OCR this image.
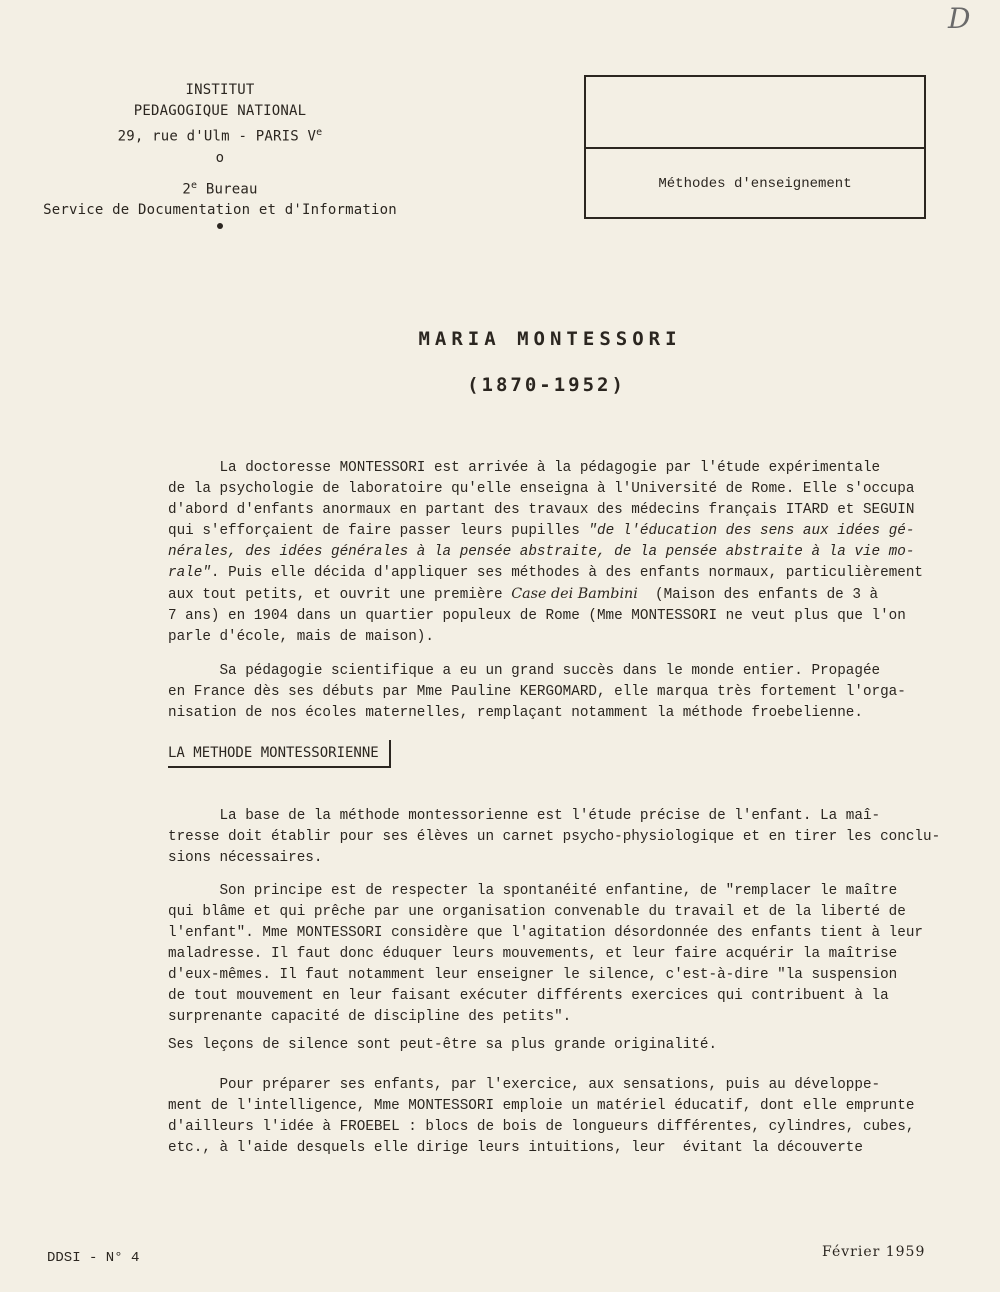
D
INSTITUT
PEDAGOGIQUE NATIONAL
29, rue d'Ulm - PARIS Ve
o
2e Bureau
Service de Documentation et d'Information
Méthodes d'enseignement
MARIA MONTESSORI
(1870-1952)

La doctoresse MONTESSORI est arrivée à la pédagogie par l'étude expérimentale
de la psychologie de laboratoire qu'elle enseigna à l'Université de Rome. Elle s'occupa
d'abord d'enfants anormaux en partant des travaux des médecins français ITARD et SEGUIN
qui s'efforçaient de faire passer leurs pupilles "de l'éducation des sens aux idées gé-
nérales, des idées générales à la pensée abstraite, de la pensée abstraite à la vie mo-
rale". Puis elle décida d'appliquer ses méthodes à des enfants normaux, particulièrement
aux tout petits, et ouvrit une première Case dei Bambini  (Maison des enfants de 3 à
7 ans) en 1904 dans un quartier populeux de Rome (Mme MONTESSORI ne veut plus que l'on
parle d'école, mais de maison).

Sa pédagogie scientifique a eu un grand succès dans le monde entier. Propagée
en France dès ses débuts par Mme Pauline KERGOMARD, elle marqua très fortement l'orga-
nisation de nos écoles maternelles, remplaçant notamment la méthode froebelienne.

LA METHODE MONTESSORIENNE

La base de la méthode montessorienne est l'étude précise de l'enfant. La maî-
tresse doit établir pour ses élèves un carnet psycho-physiologique et en tirer les conclu-
sions nécessaires.

Son principe est de respecter la spontanéité enfantine, de "remplacer le maître
qui blâme et qui prêche par une organisation convenable du travail et de la liberté de
l'enfant". Mme MONTESSORI considère que l'agitation désordonnée des enfants tient à leur
maladresse. Il faut donc éduquer leurs mouvements, et leur faire acquérir la maîtrise
d'eux-mêmes. Il faut notamment leur enseigner le silence, c'est-à-dire "la suspension
de tout mouvement en leur faisant exécuter différents exercices qui contribuent à la
surprenante capacité de discipline des petits".

Ses leçons de silence sont peut-être sa plus grande originalité.

Pour préparer ses enfants, par l'exercice, aux sensations, puis au développe-
ment de l'intelligence, Mme MONTESSORI emploie un matériel éducatif, dont elle emprunte
d'ailleurs l'idée à FROEBEL : blocs de bois de longueurs différentes, cylindres, cubes,
etc., à l'aide desquels elle dirige leurs intuitions, leur  évitant la découverte

DDSI - N° 4	Février 1959
